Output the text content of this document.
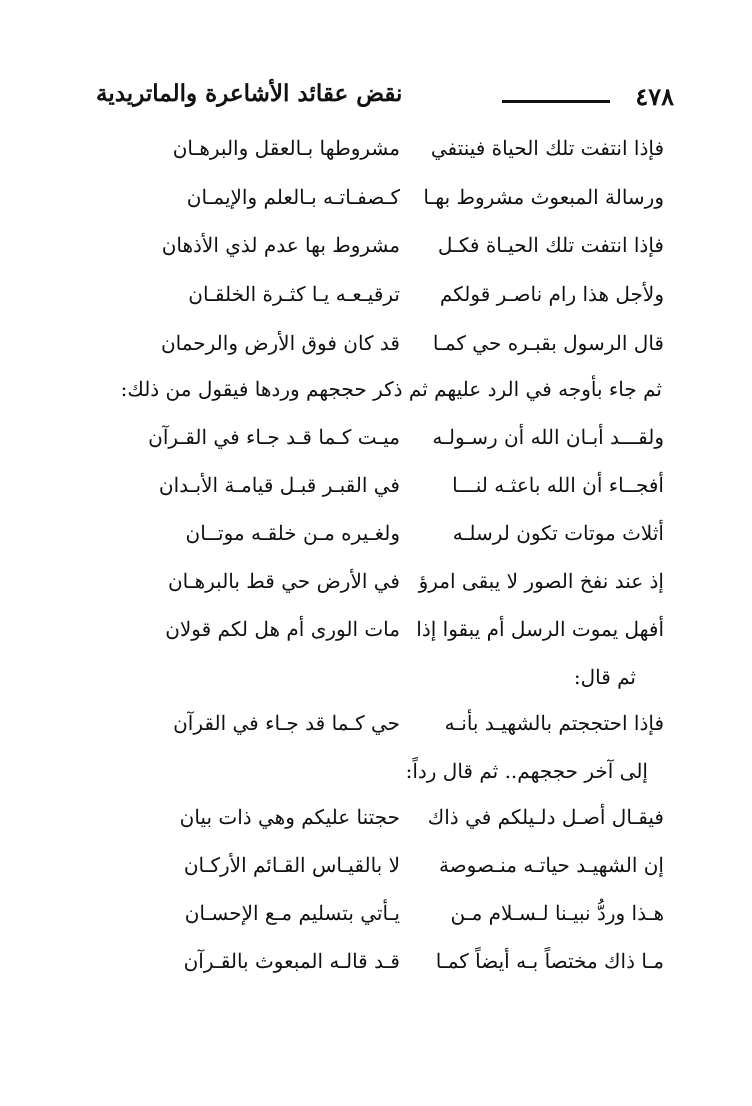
٤٧٨
نقض عقائد الأشاعرة والماتريدية
فإذا انتفت تلك الحياة فينتفي
مشروطها بـالعقل والبرهـان
ورسالة المبعوث مشروط بهـا
كـصفـاتـه بـالعلم والإيمـان
فإذا انتفت تلك الحيـاة فكـل
مشروط بها عدم لذي الأذهان
ولأجل هذا رام ناصـر قولكم
ترقيـعـه يـا كثـرة الخلقـان
قال الرسول بقبـره حي كمـا
قد كان فوق الأرض والرحمان
ثم جاء بأوجه في الرد عليهم ثم ذكر حججهم وردها فيقول من ذلك:
ولقـــد أبـان الله أن رسـولـه
ميـت كـما قـد جـاء في القـرآن
أفجــاء أن الله باعثـه لنـــا
في القبـر قبـل قيامـة الأبـدان
أثلاث موتات تكون لرسلـه
ولغـيره مـن خلقـه موتــان
إذ عند نفخ الصور لا يبقى امرؤ
في الأرض حي قط بالبرهـان
أفهل يموت الرسل أم يبقوا إذا
مات الورى أم هل لكم قولان
ثم قال:
فإذا احتججتم بالشهيـد بأنـه
حي كـما قد جـاء في القرآن
إلى آخر حججهم.. ثم قال رداً:
فيقـال أصـل دلـيلكم في ذاك
حجتنا عليكم وهي ذات بيان
إن الشهيـد حياتـه منـصوصة
لا بالقيـاس القـائم الأركـان
هـذا وردُّ نبيـنا لـسـلام مـن
يـأتي بتسليم مـع الإحسـان
مـا ذاك مختصاً بـه أيضاً كمـا
قـد قالـه المبعوث بالقـرآن
